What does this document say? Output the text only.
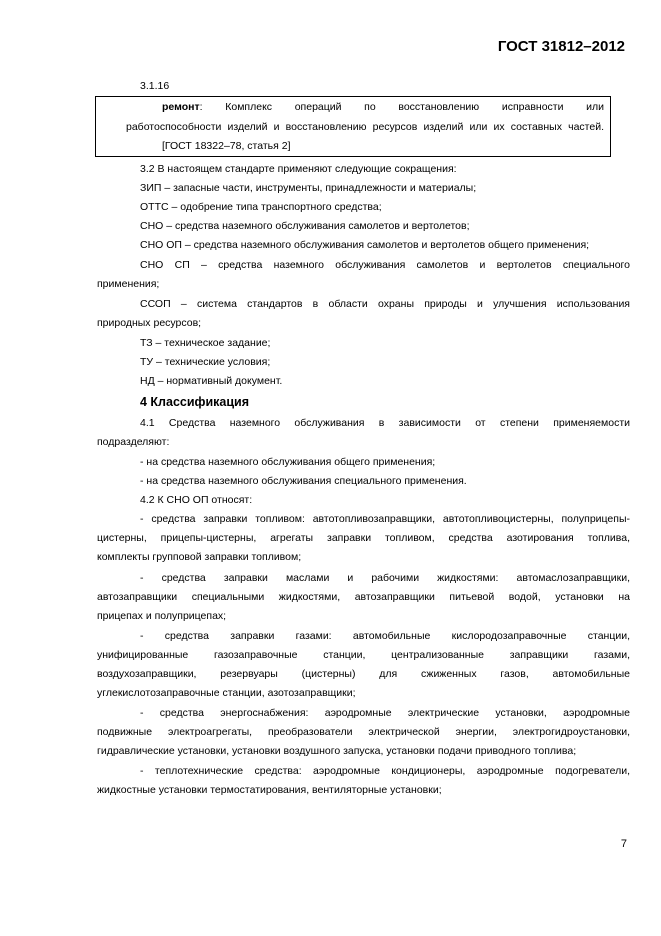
ГОСТ 31812–2012
3.1.16
ремонт: Комплекс операций по восстановлению исправности или
работоспособности изделий и восстановлению ресурсов изделий или их составных частей.
[ГОСТ 18322–78, статья 2]
3.2 В настоящем стандарте применяют следующие сокращения:
ЗИП – запасные части, инструменты, принадлежности и материалы;
ОТТС – одобрение типа транспортного средства;
СНО – средства наземного обслуживания самолетов и вертолетов;
СНО ОП – средства наземного обслуживания самолетов и вертолетов общего применения;
СНО СП – средства наземного обслуживания самолетов и вертолетов специального
применения;
ССОП – система стандартов в области охраны природы и улучшения использования
природных ресурсов;
ТЗ – техническое задание;
ТУ – технические условия;
НД – нормативный документ.
4 Классификация
4.1 Средства наземного обслуживания в зависимости от степени применяемости
подразделяют:
- на средства наземного обслуживания общего применения;
- на средства наземного обслуживания специального применения.
4.2 К СНО ОП относят:
- средства заправки топливом: автотопливозаправщики, автотопливоцистерны, полуприцепы-
цистерны, прицепы-цистерны, агрегаты заправки топливом, средства азотирования топлива,
комплекты групповой заправки топливом;
- средства заправки маслами и рабочими жидкостями: автомаслозаправщики,
автозаправщики специальными жидкостями, автозаправщики питьевой водой, установки на
прицепах и полуприцепах;
- средства заправки газами: автомобильные кислородозаправочные станции,
унифицированные газозаправочные станции, централизованные заправщики газами,
воздухозаправщики, резервуары (цистерны) для сжиженных газов, автомобильные
углекислотозаправочные станции, азотозаправщики;
- средства энергоснабжения: аэродромные электрические установки, аэродромные
подвижные электроагрегаты, преобразователи электрической энергии, электрогидроустановки,
гидравлические установки, установки воздушного запуска, установки подачи приводного топлива;
- теплотехнические средства: аэродромные кондиционеры, аэродромные подогреватели,
жидкостные установки термостатирования, вентиляторные установки;
7
